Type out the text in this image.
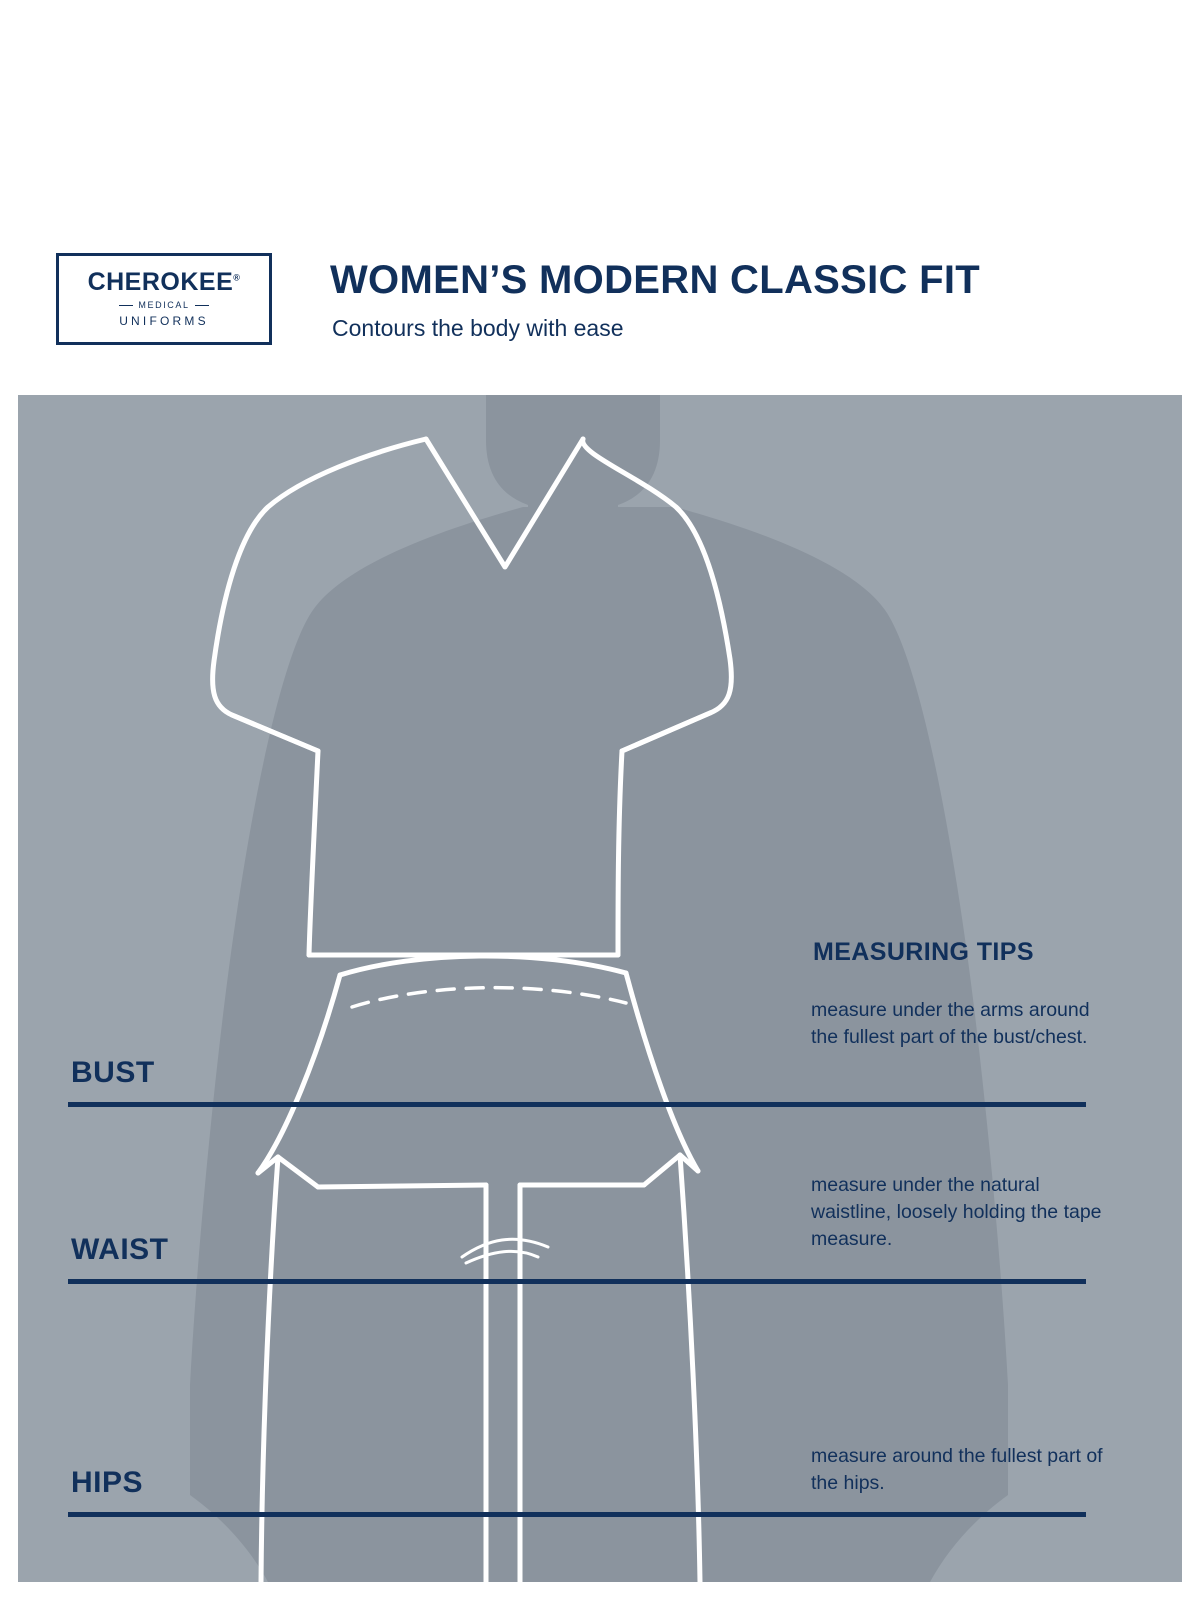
CHEROKEE®
MEDICAL
UNIFORMS
WOMEN’S MODERN CLASSIC FIT
Contours the body with ease
BUST
WAIST
HIPS
MEASURING TIPS
measure under the arms around the fullest part of the bust/chest.
measure under the natural waistline, loosely holding the tape measure.
measure around the fullest part of the hips.
